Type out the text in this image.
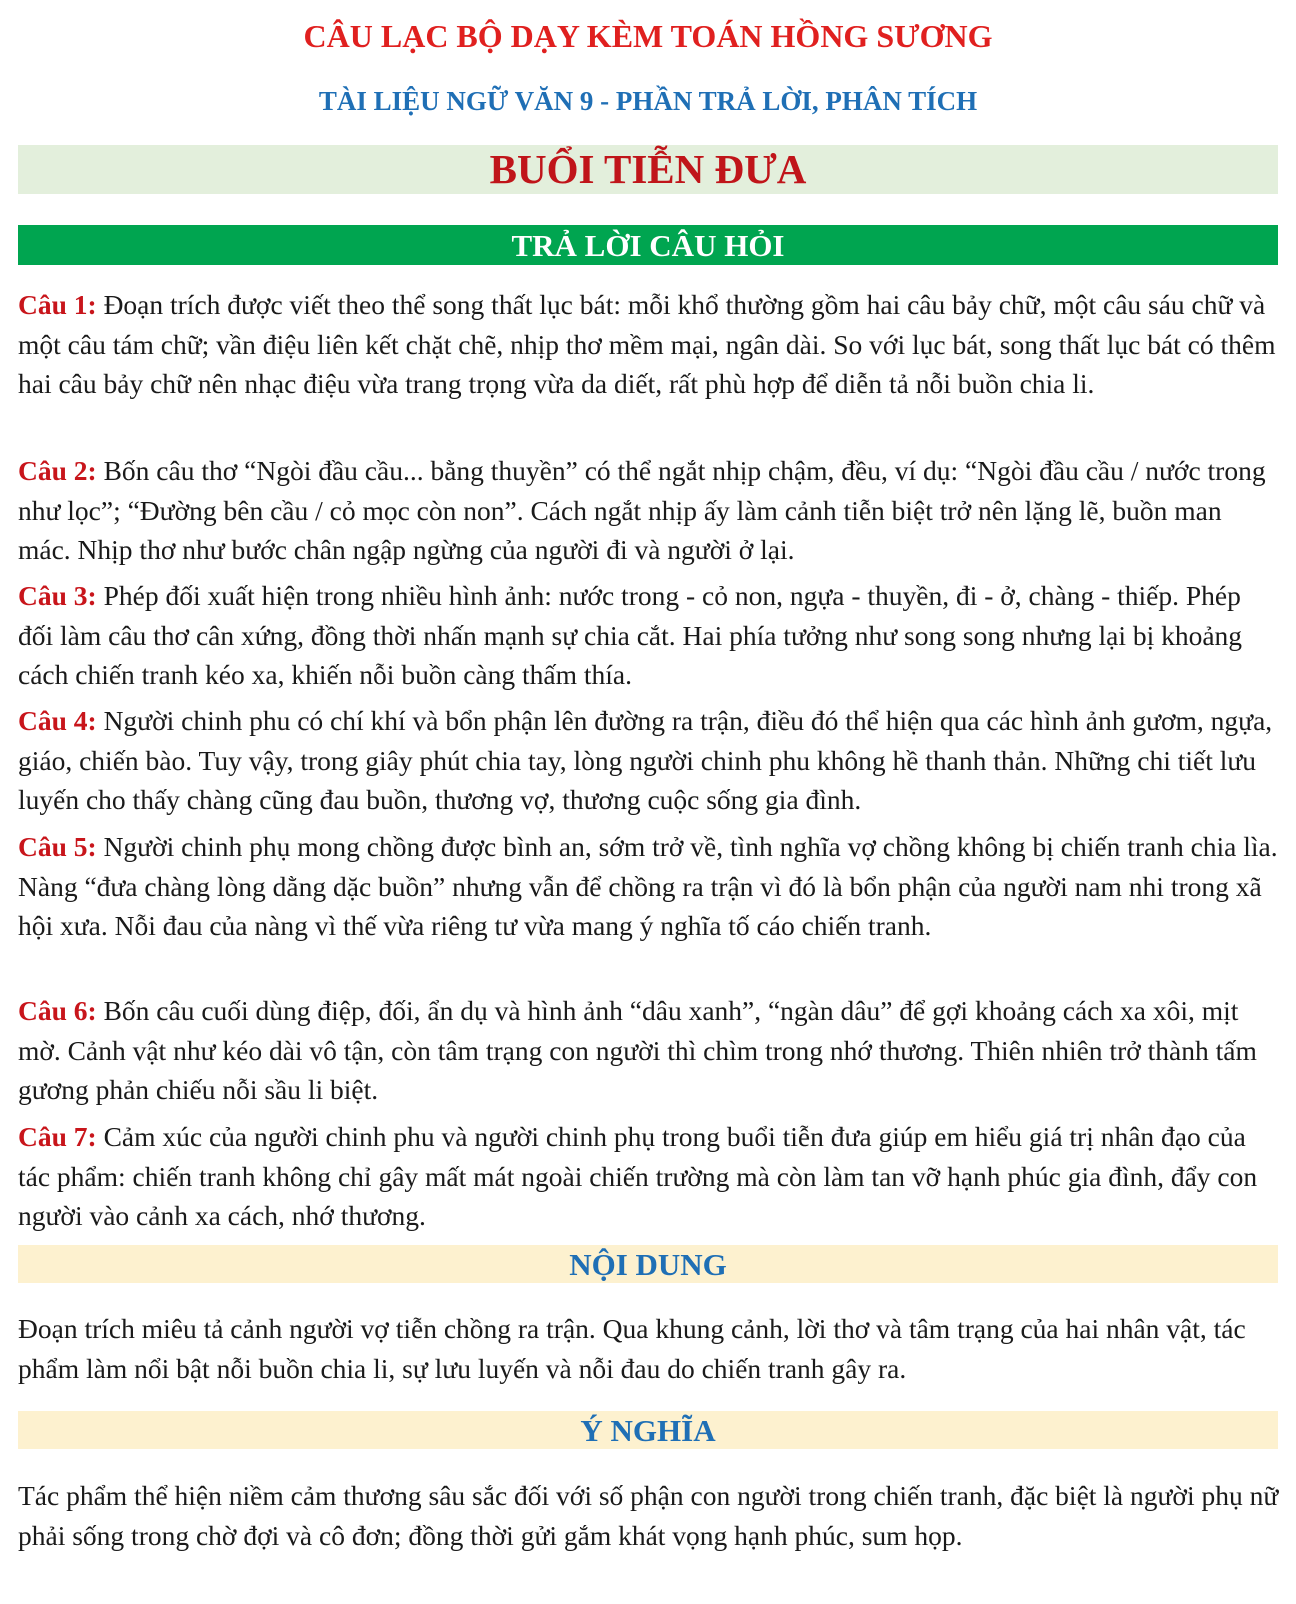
CÂU LẠC BỘ DẠY KÈM TOÁN HỒNG SƯƠNG
TÀI LIỆU NGỮ VĂN 9 - PHẦN TRẢ LỜI, PHÂN TÍCH
BUỔI TIỄN ĐƯA
TRẢ LỜI CÂU HỎI
Câu 1: Đoạn trích được viết theo thể song thất lục bát: mỗi khổ thường gồm hai câu bảy chữ, một câu sáu chữ và một câu tám chữ; vần điệu liên kết chặt chẽ, nhịp thơ mềm mại, ngân dài. So với lục bát, song thất lục bát có thêm hai câu bảy chữ nên nhạc điệu vừa trang trọng vừa da diết, rất phù hợp để diễn tả nỗi buồn chia li.
Câu 2: Bốn câu thơ “Ngòi đầu cầu... bằng thuyền” có thể ngắt nhịp chậm, đều, ví dụ: “Ngòi đầu cầu / nước trong như lọc”; “Đường bên cầu / cỏ mọc còn non”. Cách ngắt nhịp ấy làm cảnh tiễn biệt trở nên lặng lẽ, buồn man mác. Nhịp thơ như bước chân ngập ngừng của người đi và người ở lại.
Câu 3: Phép đối xuất hiện trong nhiều hình ảnh: nước trong - cỏ non, ngựa - thuyền, đi - ở, chàng - thiếp. Phép đối làm câu thơ cân xứng, đồng thời nhấn mạnh sự chia cắt. Hai phía tưởng như song song nhưng lại bị khoảng cách chiến tranh kéo xa, khiến nỗi buồn càng thấm thía.
Câu 4: Người chinh phu có chí khí và bổn phận lên đường ra trận, điều đó thể hiện qua các hình ảnh gươm, ngựa, giáo, chiến bào. Tuy vậy, trong giây phút chia tay, lòng người chinh phu không hề thanh thản. Những chi tiết lưu luyến cho thấy chàng cũng đau buồn, thương vợ, thương cuộc sống gia đình.
Câu 5: Người chinh phụ mong chồng được bình an, sớm trở về, tình nghĩa vợ chồng không bị chiến tranh chia lìa. Nàng “đưa chàng lòng dằng dặc buồn” nhưng vẫn để chồng ra trận vì đó là bổn phận của người nam nhi trong xã hội xưa. Nỗi đau của nàng vì thế vừa riêng tư vừa mang ý nghĩa tố cáo chiến tranh.
Câu 6: Bốn câu cuối dùng điệp, đối, ẩn dụ và hình ảnh “dâu xanh”, “ngàn dâu” để gợi khoảng cách xa xôi, mịt mờ. Cảnh vật như kéo dài vô tận, còn tâm trạng con người thì chìm trong nhớ thương. Thiên nhiên trở thành tấm gương phản chiếu nỗi sầu li biệt.
Câu 7: Cảm xúc của người chinh phu và người chinh phụ trong buổi tiễn đưa giúp em hiểu giá trị nhân đạo của tác phẩm: chiến tranh không chỉ gây mất mát ngoài chiến trường mà còn làm tan vỡ hạnh phúc gia đình, đẩy con người vào cảnh xa cách, nhớ thương.
NỘI DUNG
Đoạn trích miêu tả cảnh người vợ tiễn chồng ra trận. Qua khung cảnh, lời thơ và tâm trạng của hai nhân vật, tác phẩm làm nổi bật nỗi buồn chia li, sự lưu luyến và nỗi đau do chiến tranh gây ra.
Ý NGHĨA
Tác phẩm thể hiện niềm cảm thương sâu sắc đối với số phận con người trong chiến tranh, đặc biệt là người phụ nữ phải sống trong chờ đợi và cô đơn; đồng thời gửi gắm khát vọng hạnh phúc, sum họp.
